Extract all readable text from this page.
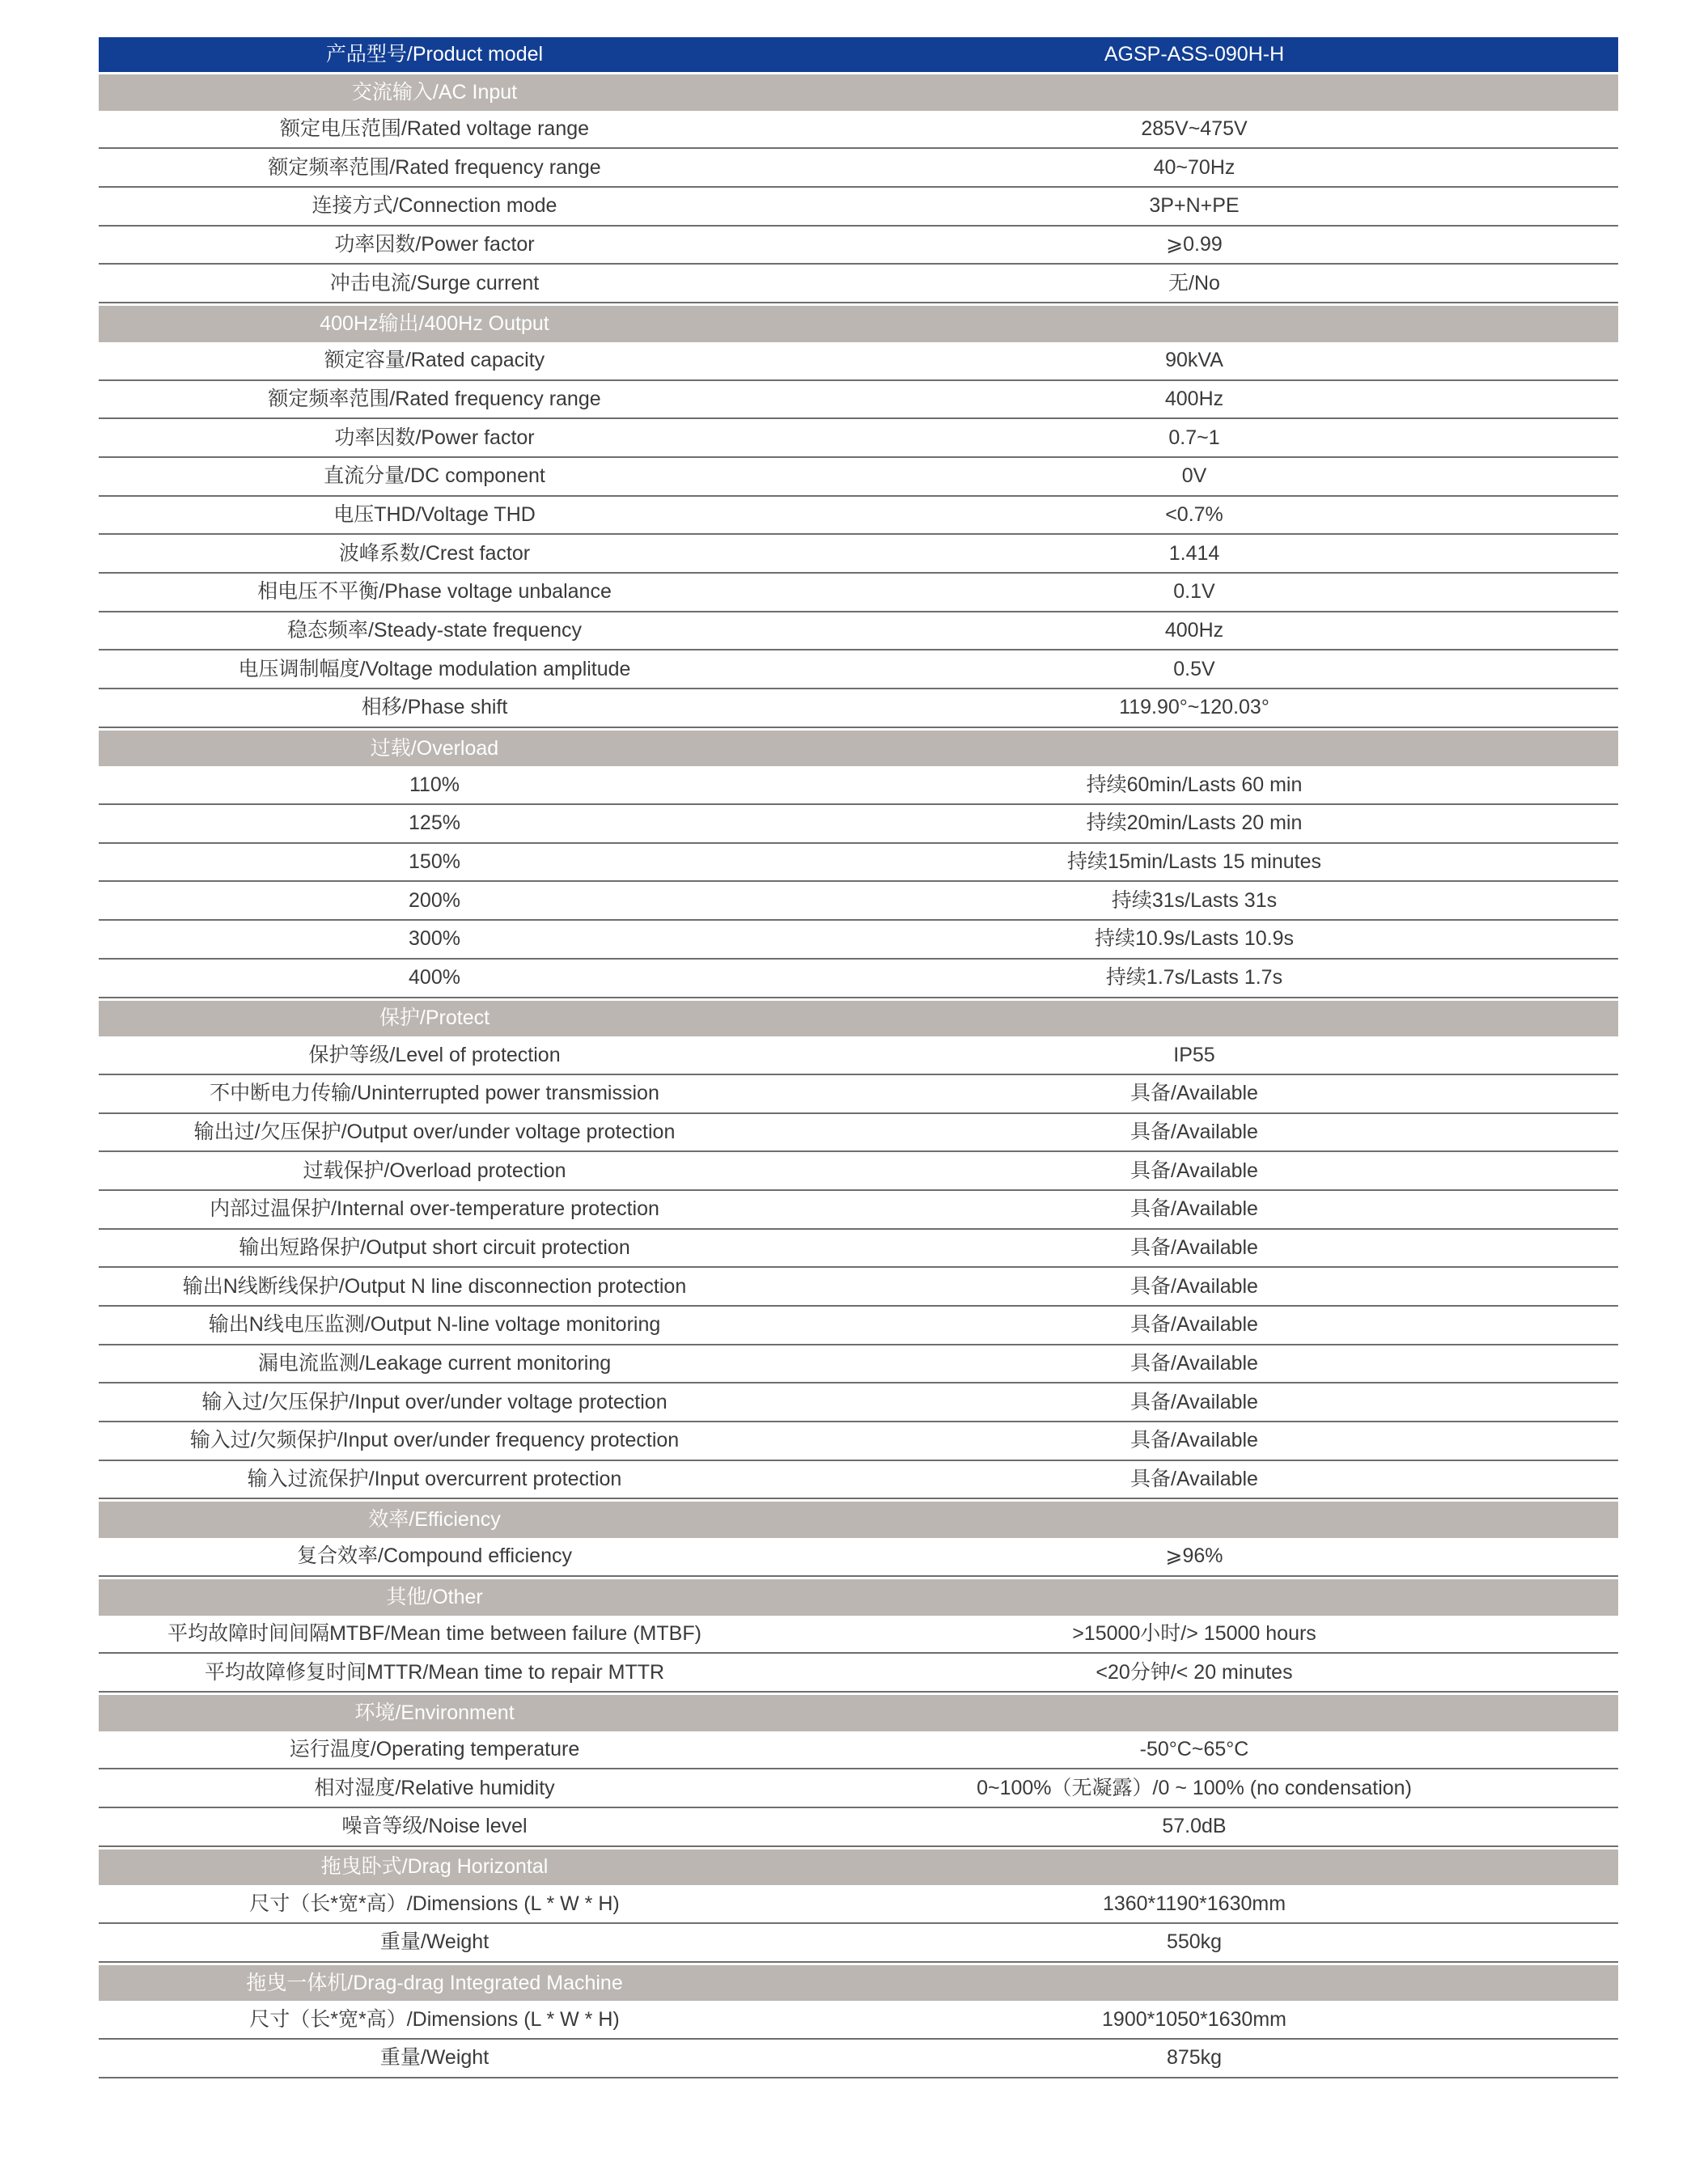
产品型号/Product model	AGSP-ASS-090H-H
交流输入/AC Input
额定电压范围/Rated voltage range	285V~475V
额定频率范围/Rated frequency range	40~70Hz
连接方式/Connection mode	3P+N+PE
功率因数/Power factor	⩾0.99
冲击电流/Surge current	无/No
400Hz输出/400Hz Output
额定容量/Rated capacity	90kVA
额定频率范围/Rated frequency range	400Hz
功率因数/Power factor	0.7~1
直流分量/DC component	0V
电压THD/Voltage THD	<0.7%
波峰系数/Crest factor	1.414
相电压不平衡/Phase voltage unbalance	0.1V
稳态频率/Steady-state frequency	400Hz
电压调制幅度/Voltage modulation amplitude	0.5V
相移/Phase shift	119.90°~120.03°
过载/Overload
110%	持续60min/Lasts 60 min
125%	持续20min/Lasts 20 min
150%	持续15min/Lasts 15 minutes
200%	持续31s/Lasts 31s
300%	持续10.9s/Lasts 10.9s
400%	持续1.7s/Lasts 1.7s
保护/Protect
保护等级/Level of protection	IP55
不中断电力传输/Uninterrupted power transmission	具备/Available
输出过/欠压保护/Output over/under voltage protection	具备/Available
过载保护/Overload protection	具备/Available
内部过温保护/Internal over-temperature protection	具备/Available
输出短路保护/Output short circuit protection	具备/Available
输出N线断线保护/Output N line disconnection protection	具备/Available
输出N线电压监测/Output N-line voltage monitoring	具备/Available
漏电流监测/Leakage current monitoring	具备/Available
输入过/欠压保护/Input over/under voltage protection	具备/Available
输入过/欠频保护/Input over/under frequency protection	具备/Available
输入过流保护/Input overcurrent protection	具备/Available
效率/Efficiency
复合效率/Compound efficiency	⩾96%
其他/Other
平均故障时间间隔MTBF/Mean time between failure (MTBF)	>15000小时/> 15000 hours
平均故障修复时间MTTR/Mean time to repair MTTR	<20分钟/< 20 minutes
环境/Environment
运行温度/Operating temperature	-50°C~65°C
相对湿度/Relative humidity	0~100%（无凝露）/0 ~ 100% (no condensation)
噪音等级/Noise level	57.0dB
拖曳卧式/Drag Horizontal
尺寸（长*宽*高）/Dimensions (L * W * H)	1360*1190*1630mm
重量/Weight	550kg
拖曳一体机/Drag-drag Integrated Machine
尺寸（长*宽*高）/Dimensions (L * W * H)	1900*1050*1630mm
重量/Weight	875kg
